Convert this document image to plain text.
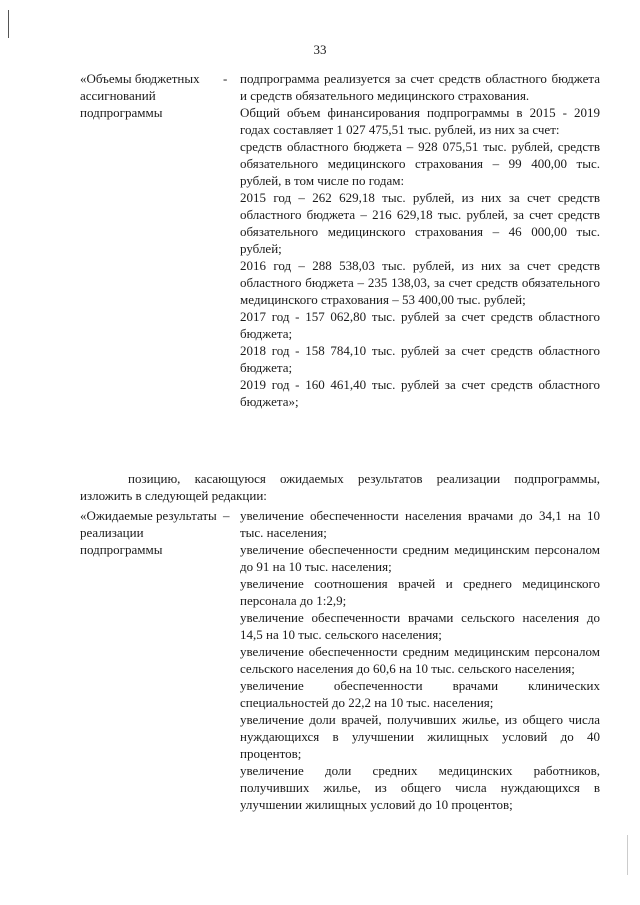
33
«Объемы бюджетных ассигнований подпрограммы
- подпрограмма реализуется за счет средств областного бюджета и средств обязательного медицинского страхования.

Общий объем финансирования подпрограммы в 2015 - 2019 годах составляет 1 027 475,51 тыс. рублей, из них за счет:

средств областного бюджета – 928 075,51 тыс. рублей, средств обязательного медицинского страхования – 99 400,00 тыс. рублей, в том числе по годам:

2015 год – 262 629,18 тыс. рублей, из них за счет средств областного бюджета – 216 629,18 тыс. рублей, за счет средств обязательного медицинского страхования – 46 000,00 тыс. рублей;

2016 год – 288 538,03 тыс. рублей, из них за счет средств областного бюджета – 235 138,03, за счет средств обязательного медицинского страхования – 53 400,00 тыс. рублей;

2017 год - 157 062,80 тыс. рублей за счет средств областного бюджета;

2018 год - 158 784,10 тыс. рублей за счет средств областного бюджета;

2019 год - 160 461,40 тыс. рублей за счет средств областного бюджета»;

позицию, касающуюся ожидаемых результатов реализации подпрограммы, изложить в следующей редакции:
«Ожидаемые результаты реализации подпрограммы
– увеличение обеспеченности населения врачами до 34,1 на 10 тыс. населения;

увеличение обеспеченности средним медицинским персоналом до 91 на 10 тыс. населения;

увеличение соотношения врачей и среднего медицинского персонала до 1:2,9;

увеличение обеспеченности врачами сельского населения до 14,5 на 10 тыс. сельского населения;

увеличение обеспеченности средним медицинским персоналом сельского населения до 60,6 на 10 тыс. сельского населения;

увеличение обеспеченности врачами клинических специальностей до 22,2 на 10 тыс. населения;

увеличение доли врачей, получивших жилье, из общего числа нуждающихся в улучшении жилищных условий до 40 процентов;

увеличение доли средних медицинских работников, получивших жилье, из общего числа нуждающихся в улучшении жилищных условий до 10 процентов;
